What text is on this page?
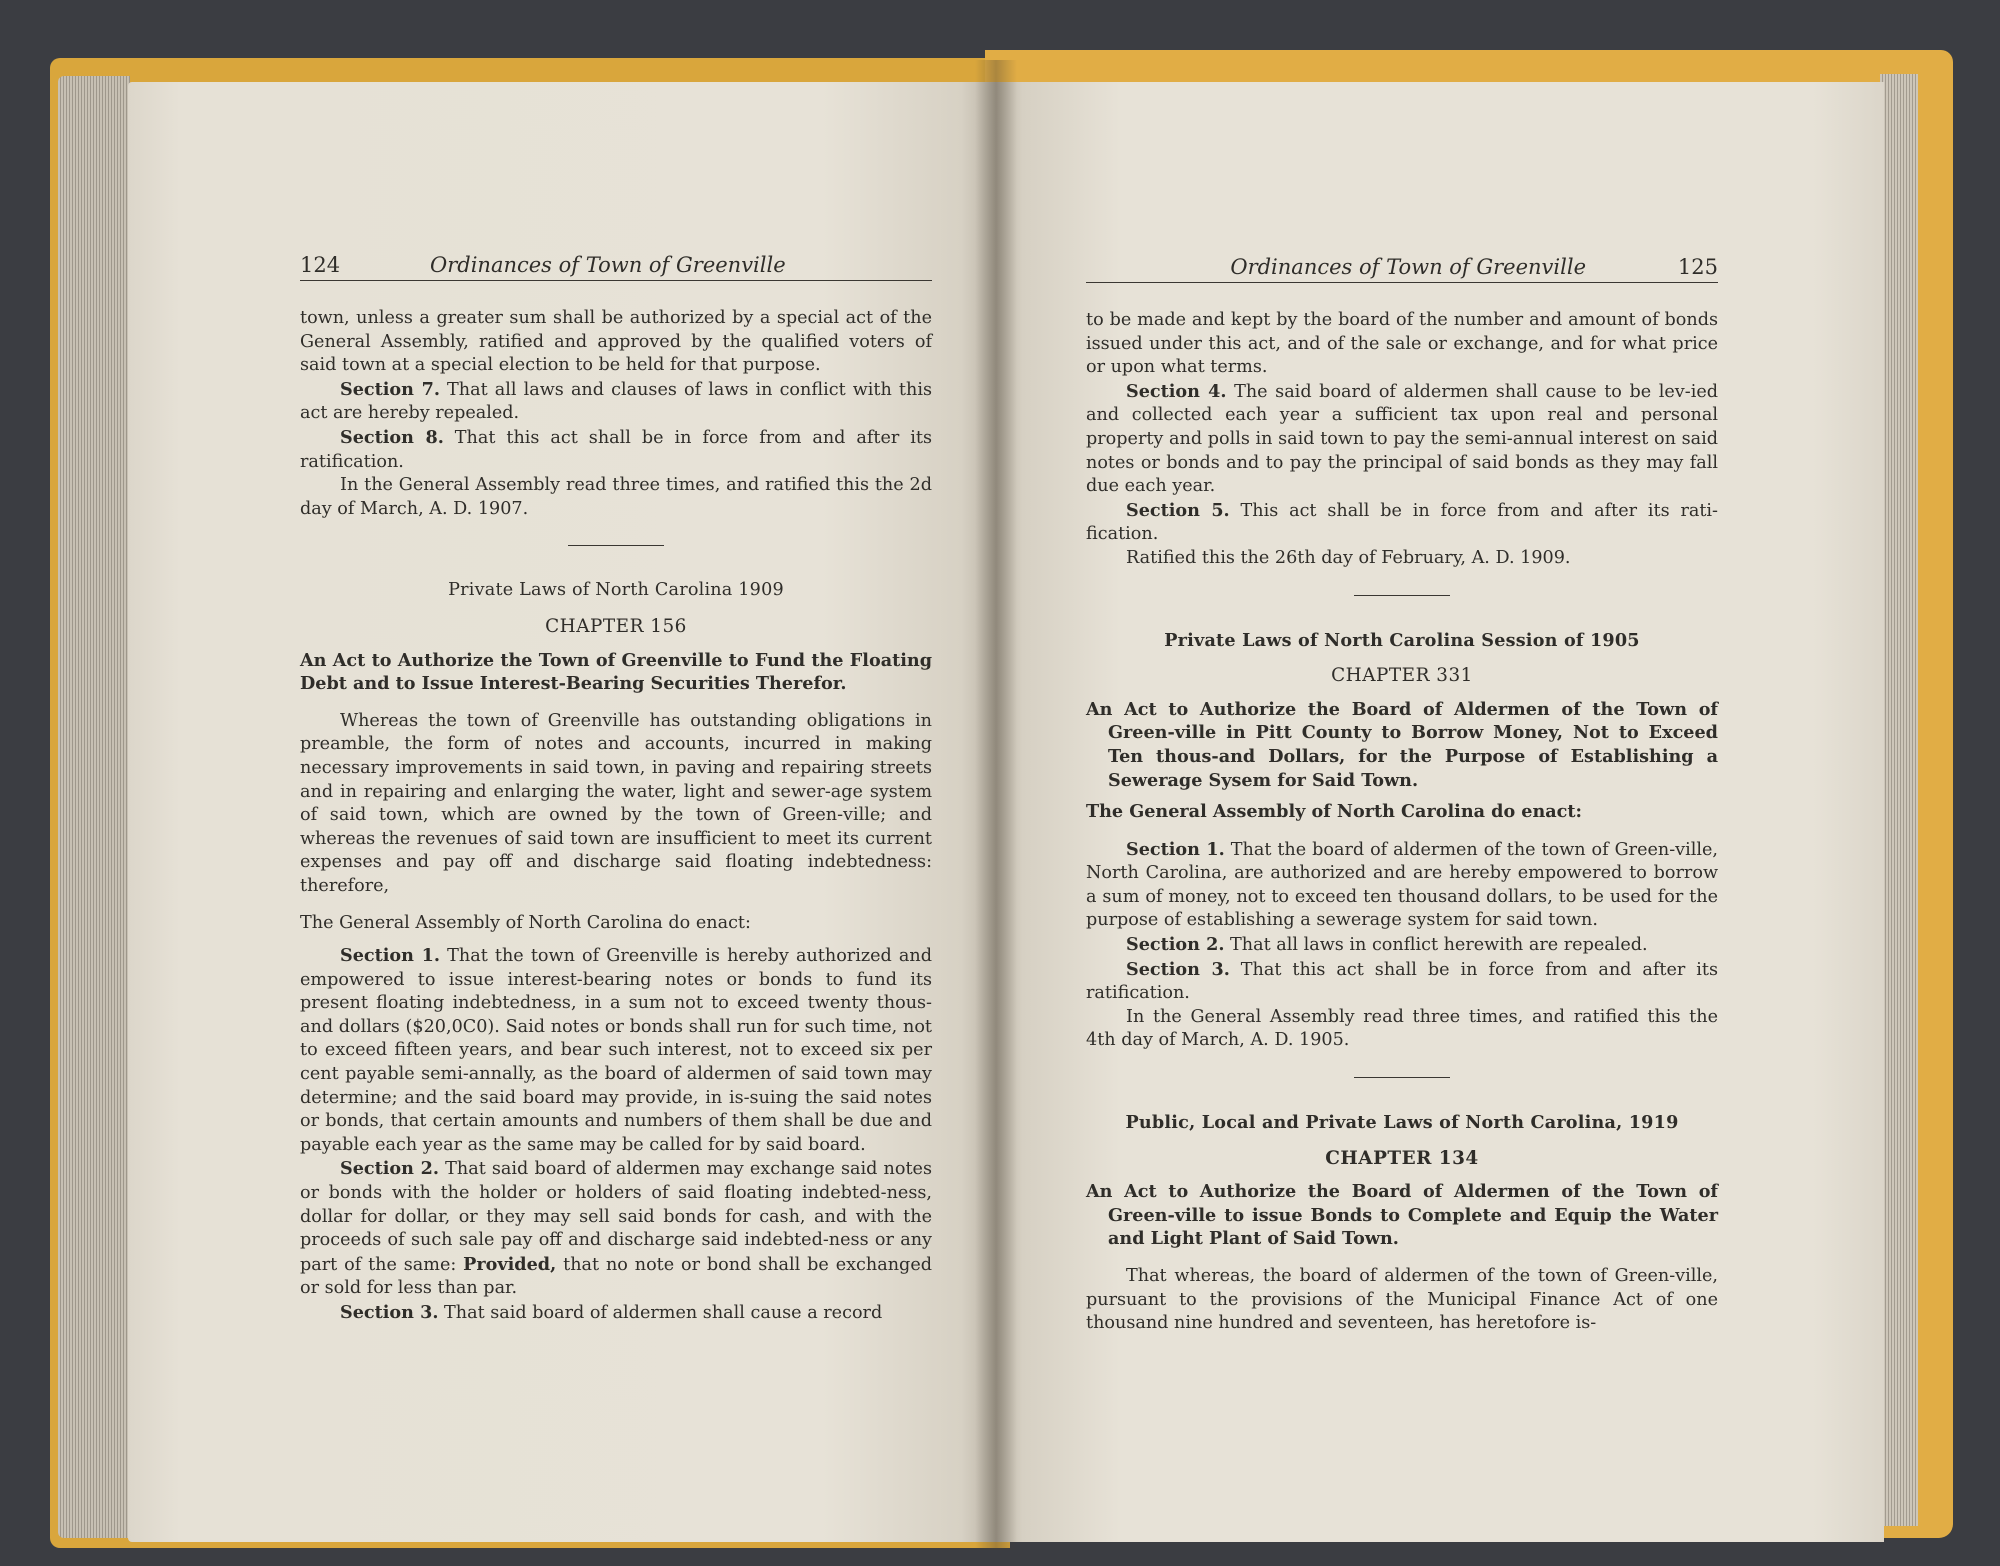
124	Ordinances of Town of Greenville

town, unless a greater sum shall be authorized by a special act of the General Assembly, ratified and approved by the qualified voters of said town at a special election to be held for that purpose.

Section 7. That all laws and clauses of laws in conflict with this act are hereby repealed.

Section 8. That this act shall be in force from and after its ratification.

In the General Assembly read three times, and ratified this the 2d day of March, A. D. 1907.

Private Laws of North Carolina 1909

CHAPTER 156

An Act to Authorize the Town of Greenville to Fund the Floating Debt and to Issue Interest-Bearing Securities Therefor.

Whereas the town of Greenville has outstanding obligations in preamble, the form of notes and accounts, incurred in making necessary improvements in said town, in paving and repairing streets and in repairing and enlarging the water, light and sewer-age system of said town, which are owned by the town of Green-ville; and whereas the revenues of said town are insufficient to meet its current expenses and pay off and discharge said floating indebtedness: therefore,

The General Assembly of North Carolina do enact:

Section 1. That the town of Greenville is hereby authorized and empowered to issue interest-bearing notes or bonds to fund its present floating indebtedness, in a sum not to exceed twenty thous-and dollars ($20,0C0). Said notes or bonds shall run for such time, not to exceed fifteen years, and bear such interest, not to exceed six per cent payable semi-annally, as the board of aldermen of said town may determine; and the said board may provide, in is-suing the said notes or bonds, that certain amounts and numbers of them shall be due and payable each year as the same may be called for by said board.

Section 2. That said board of aldermen may exchange said notes or bonds with the holder or holders of said floating indebted-ness, dollar for dollar, or they may sell said bonds for cash, and with the proceeds of such sale pay off and discharge said indebted-ness or any part of the same: Provided, that no note or bond shall be exchanged or sold for less than par.

Section 3. That said board of aldermen shall cause a record

Ordinances of Town of Greenville	125

to be made and kept by the board of the number and amount of bonds issued under this act, and of the sale or exchange, and for what price or upon what terms.

Section 4. The said board of aldermen shall cause to be lev-ied and collected each year a sufficient tax upon real and personal property and polls in said town to pay the semi-annual interest on said notes or bonds and to pay the principal of said bonds as they may fall due each year.

Section 5. This act shall be in force from and after its rati-fication.

Ratified this the 26th day of February, A. D. 1909.

Private Laws of North Carolina Session of 1905

CHAPTER 331

An Act to Authorize the Board of Aldermen of the Town of Green-ville in Pitt County to Borrow Money, Not to Exceed Ten thous-and Dollars, for the Purpose of Establishing a Sewerage Sysem for Said Town.

The General Assembly of North Carolina do enact:

Section 1. That the board of aldermen of the town of Green-ville, North Carolina, are authorized and are hereby empowered to borrow a sum of money, not to exceed ten thousand dollars, to be used for the purpose of establishing a sewerage system for said town.

Section 2. That all laws in conflict herewith are repealed.

Section 3. That this act shall be in force from and after its ratification.

In the General Assembly read three times, and ratified this the 4th day of March, A. D. 1905.

Public, Local and Private Laws of North Carolina, 1919

CHAPTER 134

An Act to Authorize the Board of Aldermen of the Town of Green-ville to issue Bonds to Complete and Equip the Water and Light Plant of Said Town.

That whereas, the board of aldermen of the town of Green-ville, pursuant to the provisions of the Municipal Finance Act of one thousand nine hundred and seventeen, has heretofore is-
